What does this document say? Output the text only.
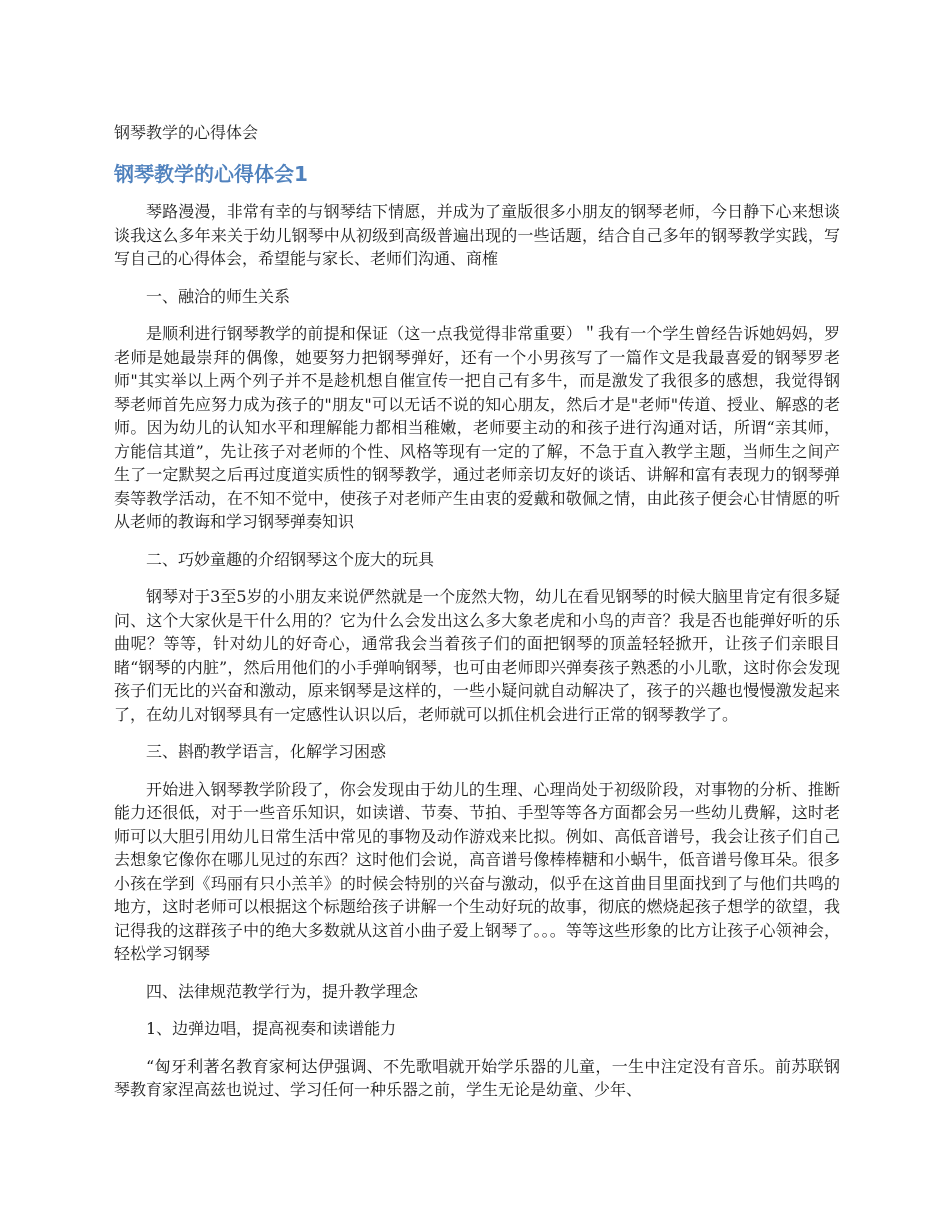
钢琴教学的心得体会
钢琴教学的心得体会1
琴路漫漫，非常有幸的与钢琴结下情愿，并成为了童版很多小朋友的钢琴老师，今日静下心来想谈谈我这么多年来关于幼儿钢琴中从初级到高级普遍出现的一些话题，结合自己多年的钢琴教学实践，写写自己的心得体会，希望能与家长、老师们沟通、商榷
一、融洽的师生关系
是顺利进行钢琴教学的前提和保证（这一点我觉得非常重要）＂我有一个学生曾经告诉她妈妈，罗老师是她最崇拜的偶像，她要努力把钢琴弹好，还有一个小男孩写了一篇作文是我最喜爱的钢琴罗老师"其实举以上两个列子并不是趁机想自催宣传一把自己有多牛，而是激发了我很多的感想，我觉得钢琴老师首先应努力成为孩子的"朋友"可以无话不说的知心朋友，然后才是"老师"传道、授业、解惑的老师。因为幼儿的认知水平和理解能力都相当稚嫩，老师要主动的和孩子进行沟通对话，所谓“亲其师，方能信其道”，先让孩子对老师的个性、风格等现有一定的了解，不急于直入教学主题，当师生之间产生了一定默契之后再过度道实质性的钢琴教学，通过老师亲切友好的谈话、讲解和富有表现力的钢琴弹奏等教学活动，在不知不觉中，使孩子对老师产生由衷的爱戴和敬佩之情，由此孩子便会心甘情愿的听从老师的教诲和学习钢琴弹奏知识
二、巧妙童趣的介绍钢琴这个庞大的玩具
钢琴对于3至5岁的小朋友来说俨然就是一个庞然大物，幼儿在看见钢琴的时候大脑里肯定有很多疑问、这个大家伙是干什么用的？它为什么会发出这么多大象老虎和小鸟的声音？我是否也能弹好听的乐曲呢？等等，针对幼儿的好奇心，通常我会当着孩子们的面把钢琴的顶盖轻轻掀开，让孩子们亲眼目睹“钢琴的内脏”，然后用他们的小手弹响钢琴，也可由老师即兴弹奏孩子熟悉的小儿歌，这时你会发现孩子们无比的兴奋和激动，原来钢琴是这样的，一些小疑问就自动解决了，孩子的兴趣也慢慢激发起来了，在幼儿对钢琴具有一定感性认识以后，老师就可以抓住机会进行正常的钢琴教学了。
三、斟酌教学语言，化解学习困惑
开始进入钢琴教学阶段了，你会发现由于幼儿的生理、心理尚处于初级阶段，对事物的分析、推断能力还很低，对于一些音乐知识，如读谱、节奏、节拍、手型等等各方面都会另一些幼儿费解，这时老师可以大胆引用幼儿日常生活中常见的事物及动作游戏来比拟。例如、高低音谱号，我会让孩子们自己去想象它像你在哪儿见过的东西？这时他们会说，高音谱号像棒棒糖和小蜗牛，低音谱号像耳朵。很多小孩在学到《玛丽有只小羔羊》的时候会特别的兴奋与激动，似乎在这首曲目里面找到了与他们共鸣的地方，这时老师可以根据这个标题给孩子讲解一个生动好玩的故事，彻底的燃烧起孩子想学的欲望，我记得我的这群孩子中的绝大多数就从这首小曲子爱上钢琴了。。。等等这些形象的比方让孩子心领神会，轻松学习钢琴
四、法律规范教学行为，提升教学理念
1、边弹边唱，提高视奏和读谱能力
“匈牙利著名教育家柯达伊强调、不先歌唱就开始学乐器的儿童，一生中注定没有音乐。前苏联钢琴教育家涅高兹也说过、学习任何一种乐器之前，学生无论是幼童、少年、
